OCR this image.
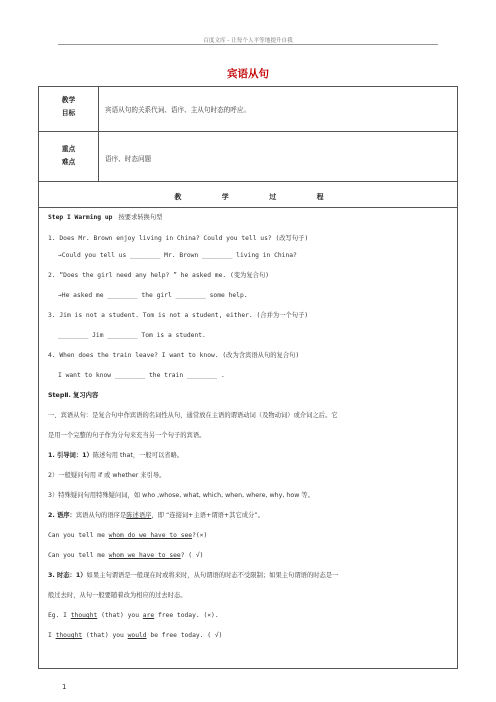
百度文库 - 让每个人平等地提升自我
宾语从句
教学
目标	宾语从句的关系代词、语序、主从句时态的呼应。
重点
难点	语序、时态问题
教	学	过	程
Step I Warming up 按要求转换句型
1. Does Mr. Brown enjoy living in China? Could you tell us? (改写句子)
→Could you tell us ________ Mr. Brown ________ living in China?
2. “Does the girl need any help? ” he asked me. (变为复合句)
→He asked me ________ the girl ________ some help.
3. Jim is not a student. Tom is not a student, either. (合并为一个句子)
________ Jim ________ Tom is a student.
4. When does the train leave? I want to know. (改为含宾语从句的复合句)
I want to know ________ the train ________ .
StepⅡ. 复习内容
一、宾语从句：是复合句中作宾语的名词性从句，通常放在主语的谓语动词（及物动词）或介词之后。它
是用一个完整的句子作为分句来充当另一个句子的宾语。
1. 引导词：1）陈述句用 that，一般可以省略。
2）一般疑问句用 if 或 whether 来引导。
3）特殊疑问句用特殊疑问词，如 who ,whose, what, which, when, where, why, how 等。
2. 语序：宾语从句的语序是陈述语序，即 “连接词+主语+谓语+其它成分”。
Can you tell me whom do we have to see?(×)
Can you tell me whom we have to see? ( √)
3. 时态：1）如果主句谓语是一般现在时或将来时，从句谓语的时态不受限制；如果主句谓语的时态是一
般过去时，从句一般要随着改为相应的过去时态。
Eg. I thought (that) you are free today. (×).
I thought (that) you would be free today. ( √)
1
